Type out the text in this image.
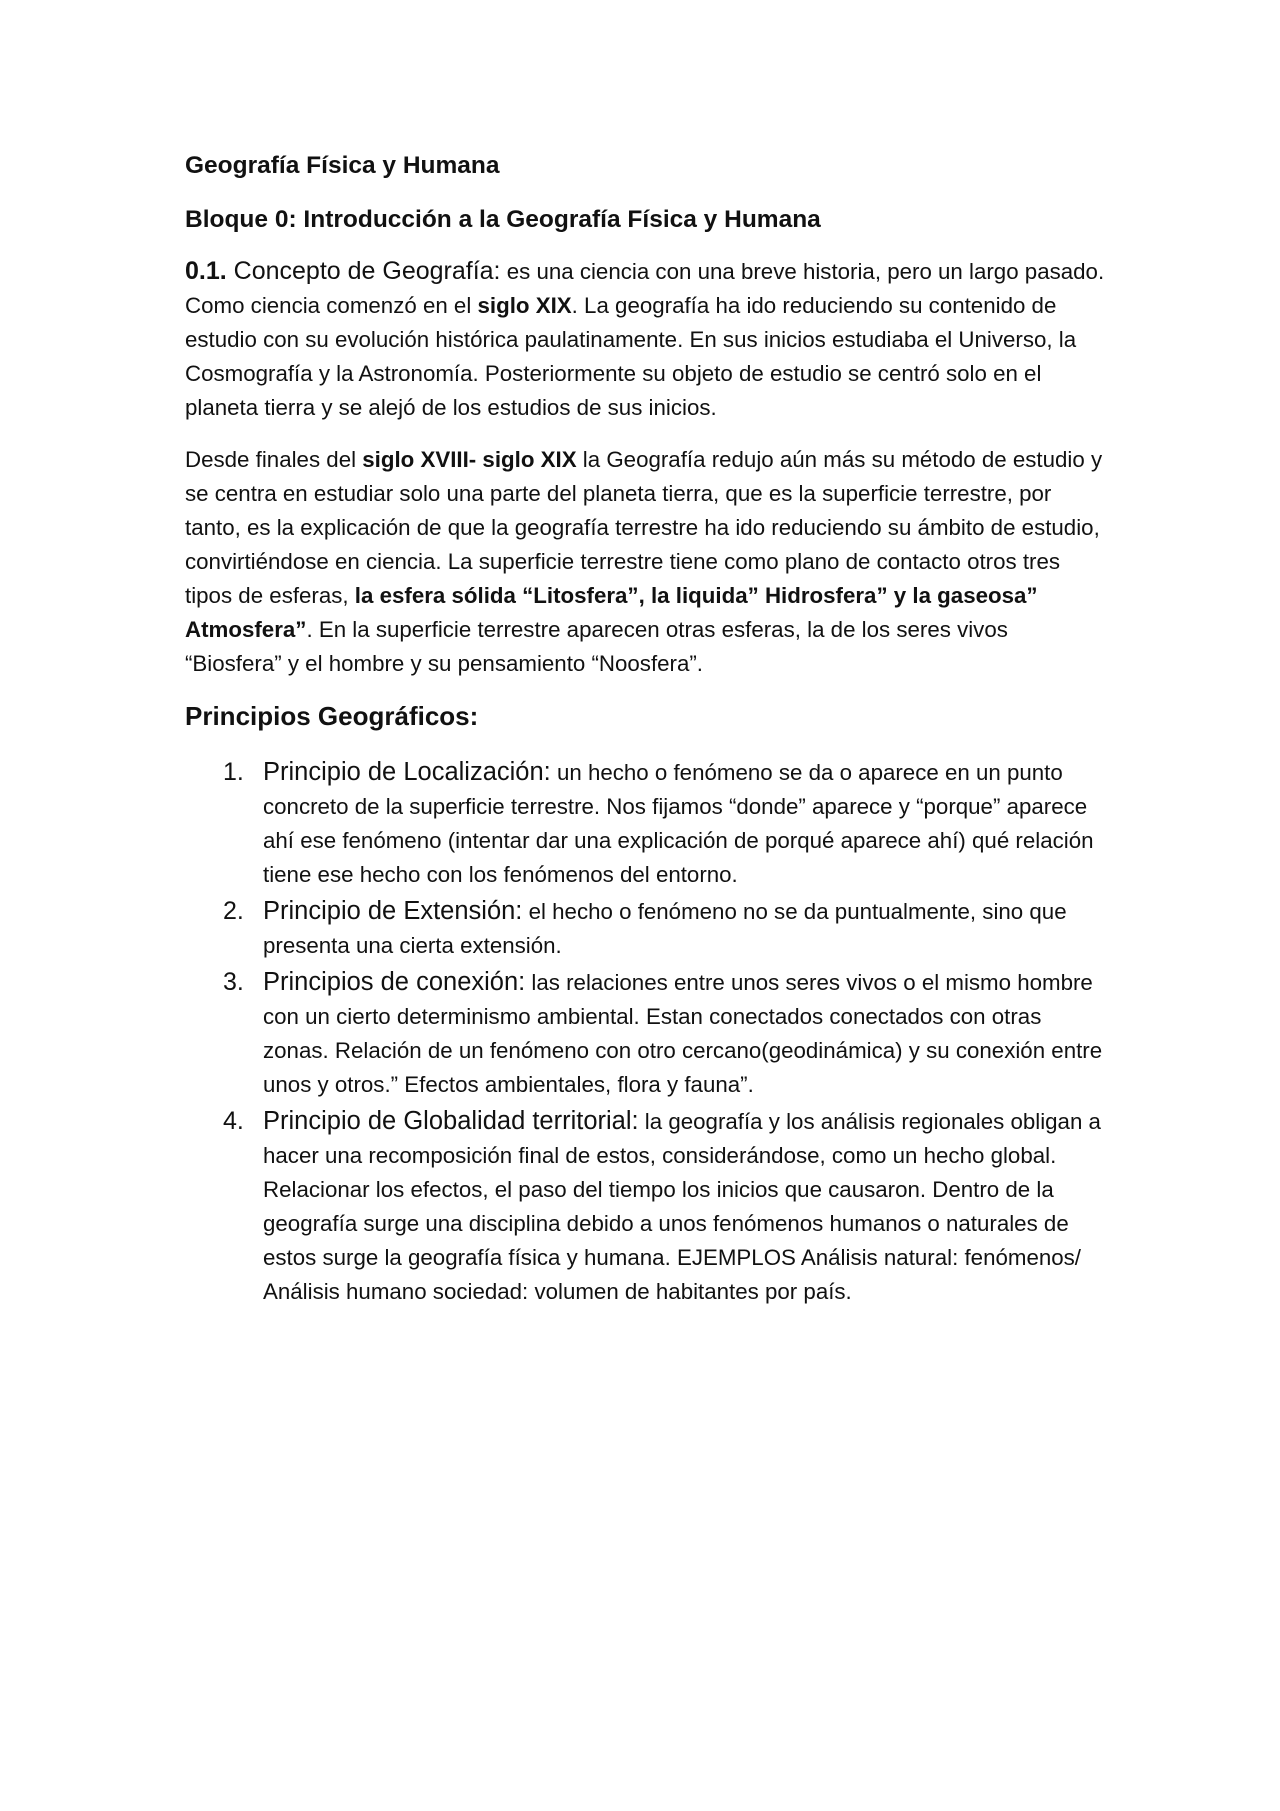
Geografía Física y Humana
Bloque 0: Introducción a la Geografía Física y Humana

0.1. Concepto de Geografía: es una ciencia con una breve historia, pero un largo pasado. Como ciencia comenzó en el siglo XIX. La geografía ha ido reduciendo su contenido de estudio con su evolución histórica paulatinamente. En sus inicios estudiaba el Universo, la Cosmografía y la Astronomía. Posteriormente su objeto de estudio se centró solo en el planeta tierra y se alejó de los estudios de sus inicios.

Desde finales del siglo XVIII- siglo XIX la Geografía redujo aún más su método de estudio y se centra en estudiar solo una parte del planeta tierra, que es la superficie terrestre, por tanto, es la explicación de que la geografía terrestre ha ido reduciendo su ámbito de estudio, convirtiéndose en ciencia. La superficie terrestre tiene como plano de contacto otros tres tipos de esferas, la esfera sólida “Litosfera”, la liquida” Hidrosfera” y la gaseosa” Atmosfera”. En la superficie terrestre aparecen otras esferas, la de los seres vivos “Biosfera” y el hombre y su pensamiento “Noosfera”.

Principios Geográficos:
1. Principio de Localización: un hecho o fenómeno se da o aparece en un punto concreto de la superficie terrestre. Nos fijamos “donde” aparece y “porque” aparece ahí ese fenómeno (intentar dar una explicación de porqué aparece ahí) qué relación tiene ese hecho con los fenómenos del entorno.
2. Principio de Extensión: el hecho o fenómeno no se da puntualmente, sino que presenta una cierta extensión.
3. Principios de conexión: las relaciones entre unos seres vivos o el mismo hombre con un cierto determinismo ambiental. Estan conectados conectados con otras zonas. Relación de un fenómeno con otro cercano(geodinámica) y su conexión entre unos y otros.” Efectos ambientales, flora y fauna”.
4. Principio de Globalidad territorial: la geografía y los análisis regionales obligan a hacer una recomposición final de estos, considerándose, como un hecho global. Relacionar los efectos, el paso del tiempo los inicios que causaron. Dentro de la geografía surge una disciplina debido a unos fenómenos humanos o naturales de estos surge la geografía física y humana. EJEMPLOS Análisis natural: fenómenos/ Análisis humano sociedad: volumen de habitantes por país.
